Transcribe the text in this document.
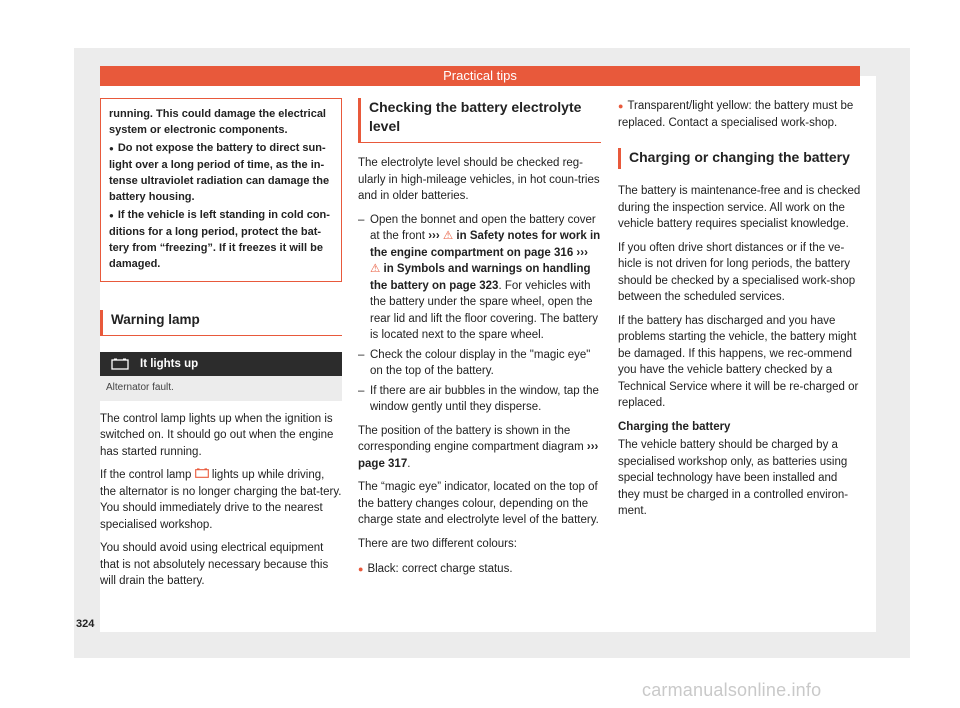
Practical tips

running. This could damage the electrical system or electronic components.

● Do not expose the battery to direct sun-light over a long period of time, as the in-tense ultraviolet radiation can damage the battery housing.

● If the vehicle is left standing in cold con-ditions for a long period, protect the bat-tery from “freezing”. If it freezes it will be damaged.

Warning lamp
It lights up
Alternator fault.

The control lamp lights up when the ignition is switched on. It should go out when the engine has started running.

If the control lamp lights up while driving, the alternator is no longer charging the bat-tery. You should immediately drive to the nearest specialised workshop.

You should avoid using electrical equipment that is not absolutely necessary because this will drain the battery.

Checking the battery electrolyte level

The electrolyte level should be checked reg-ularly in high-mileage vehicles, in hot coun-tries and in older batteries.

– Open the bonnet and open the battery cover at the front ››› ⚠ in Safety notes for work in the engine compartment on page 316 ››› ⚠ in Symbols and warnings on handling the battery on page 323. For vehicles with the battery under the spare wheel, open the rear lid and lift the floor covering. The battery is located next to the spare wheel.
– Check the colour display in the "magic eye" on the top of the battery.
– If there are air bubbles in the window, tap the window gently until they disperse.

The position of the battery is shown in the corresponding engine compartment diagram ››› page 317.

The “magic eye” indicator, located on the top of the battery changes colour, depending on the charge state and electrolyte level of the battery.

There are two different colours:

● Black: correct charge status.

● Transparent/light yellow: the battery must be replaced. Contact a specialised work-shop.

Charging or changing the battery

The battery is maintenance-free and is checked during the inspection service. All work on the vehicle battery requires specialist knowledge.

If you often drive short distances or if the ve-hicle is not driven for long periods, the battery should be checked by a specialised work-shop between the scheduled services.

If the battery has discharged and you have problems starting the vehicle, the battery might be damaged. If this happens, we rec-ommend you have the vehicle battery checked by a Technical Service where it will be re-charged or replaced.

Charging the battery

The vehicle battery should be charged by a specialised workshop only, as batteries using special technology have been installed and they must be charged in a controlled environ-ment.

324
carmanualsonline.info
